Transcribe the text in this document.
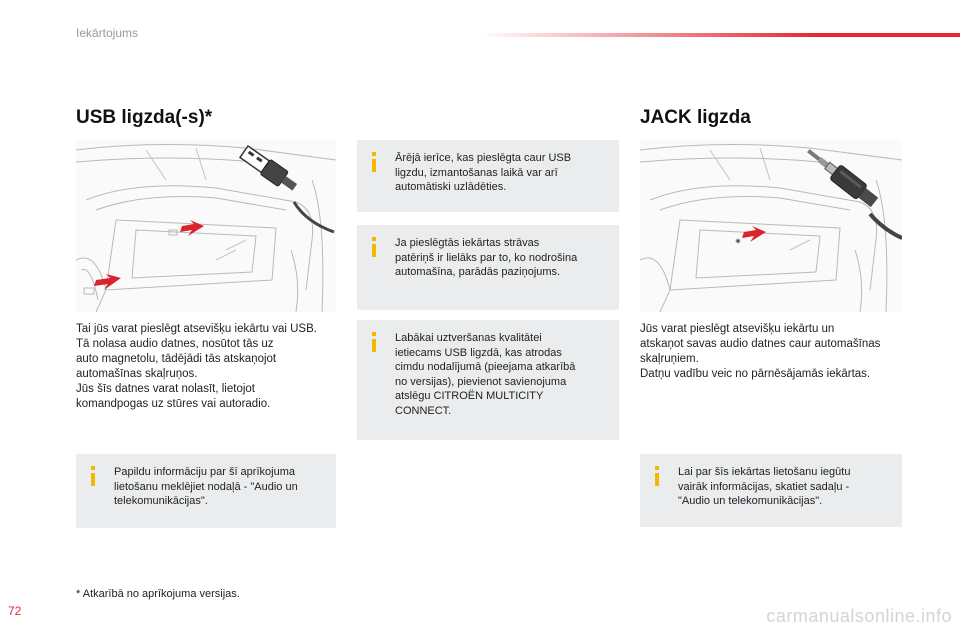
Iekārtojums
USB ligzda(-s)*

Tai jūs varat pieslēgt atsevišķu iekārtu vai USB.
Tā nolasa audio datnes, nosūtot tās uz
auto magnetolu, tādējādi tās atskaņojot
automašīnas skaļruņos.
Jūs šīs datnes varat nolasīt, lietojot
komandpogas uz stūres vai autoradio.

Papildu informāciju par šī aprīkojuma
lietošanu meklējiet nodaļā - "Audio un
telekomunikācijas".

Ārējā ierīce, kas pieslēgta caur USB
ligzdu, izmantošanas laikā var arī
automātiski uzlādēties.

Ja pieslēgtās iekārtas strāvas
patēriņš ir lielāks par to, ko nodrošina
automašīna, parādās paziņojums.

Labākai uztveršanas kvalitātei
ietiecams USB ligzdā, kas atrodas
cimdu nodalījumā (pieejama atkarībā
no versijas), pievienot savienojuma
atslēgu CITROËN MULTICITY
CONNECT.

JACK ligzda

Jūs varat pieslēgt atsevišķu iekārtu un
atskaņot savas audio datnes caur automašīnas
skaļruņiem.
Datņu vadību veic no pārnēsājamās iekārtas.

Lai par šīs iekārtas lietošanu iegūtu
vairāk informācijas, skatiet sadaļu -
"Audio un telekomunikācijas".

* Atkarībā no aprīkojuma versijas.
72	carmanualsonline.info
